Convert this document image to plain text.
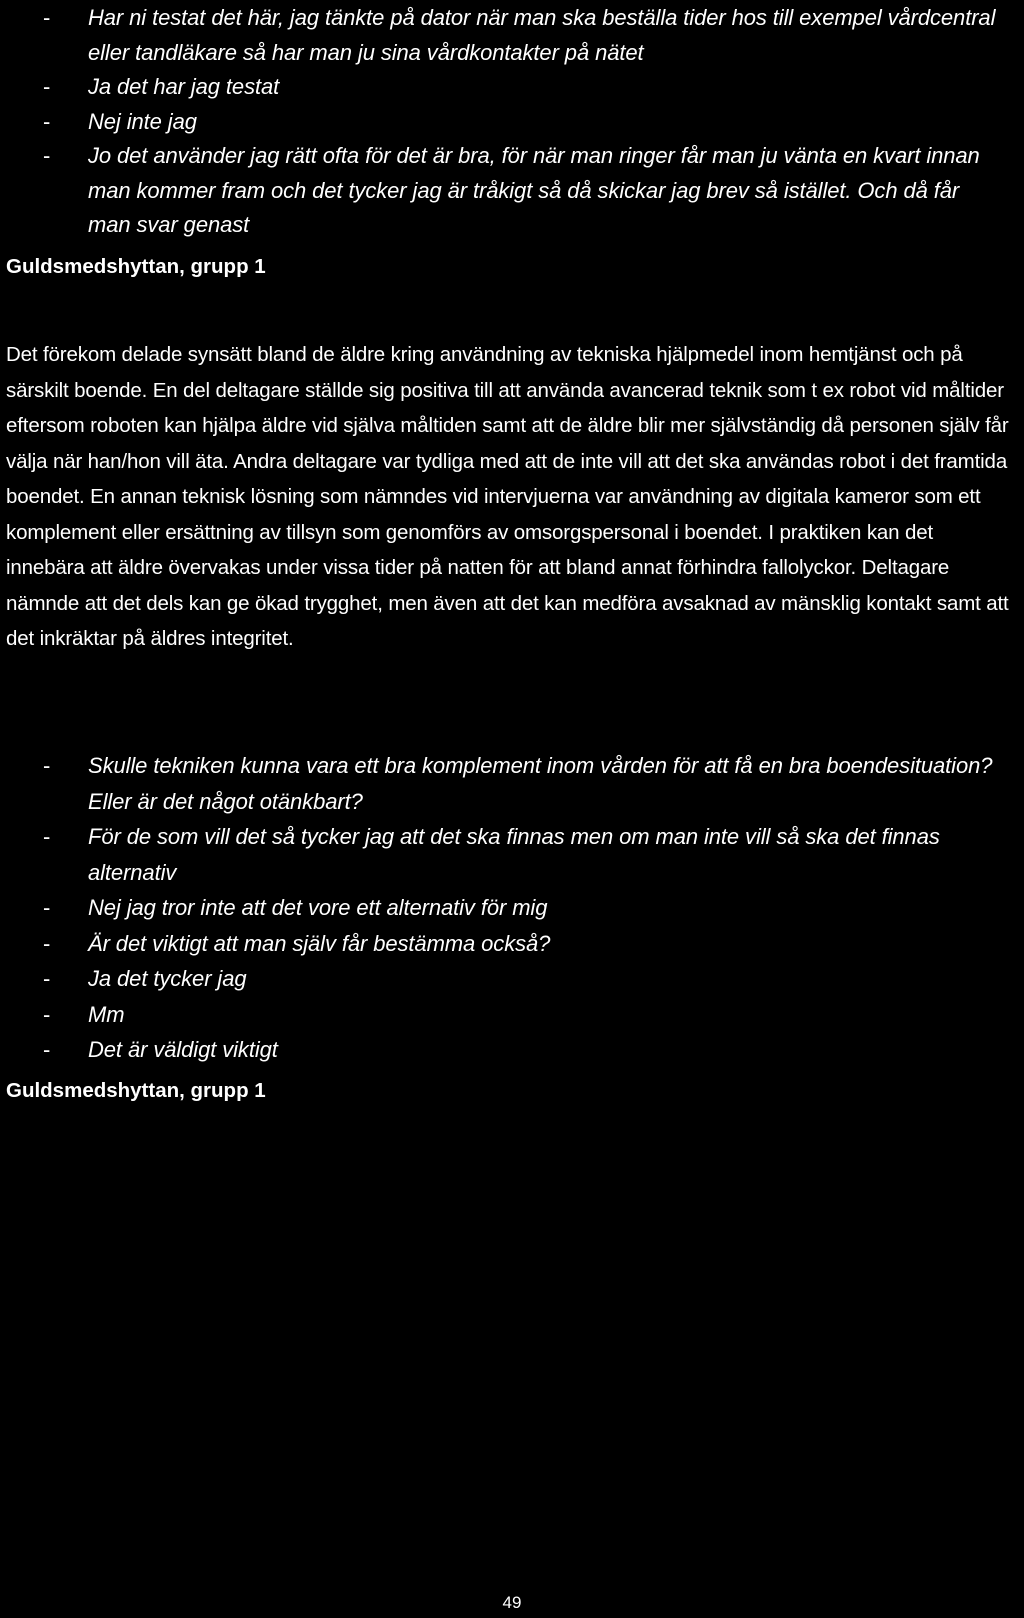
- Har ni testat det här, jag tänkte på dator när man ska beställa tider hos till exempel vårdcentral eller tandläkare så har man ju sina vårdkontakter på nätet
- Ja det har jag testat
- Nej inte jag
- Jo det använder jag rätt ofta för det är bra, för när man ringer får man ju vänta en kvart innan man kommer fram och det tycker jag är tråkigt så då skickar jag brev så istället. Och då får man svar genast
Guldsmedshyttan, grupp 1

Det förekom delade synsätt bland de äldre kring användning av tekniska hjälpmedel inom hemtjänst och på särskilt boende. En del deltagare ställde sig positiva till att använda avancerad teknik som t ex robot vid måltider eftersom roboten kan hjälpa äldre vid själva måltiden samt att de äldre blir mer självständig då personen själv får välja när han/hon vill äta. Andra deltagare var tydliga med att de inte vill att det ska användas robot i det framtida boendet. En annan teknisk lösning som nämndes vid intervjuerna var användning av digitala kameror som ett komplement eller ersättning av tillsyn som genomförs av omsorgspersonal i boendet. I praktiken kan det innebära att äldre övervakas under vissa tider på natten för att bland annat förhindra fallolyckor. Deltagare nämnde att det dels kan ge ökad trygghet, men även att det kan medföra avsaknad av mänsklig kontakt samt att det inkräktar på äldres integritet.

- Skulle tekniken kunna vara ett bra komplement inom vården för att få en bra boendesituation? Eller är det något otänkbart?
- För de som vill det så tycker jag att det ska finnas men om man inte vill så ska det finnas alternativ
- Nej jag tror inte att det vore ett alternativ för mig
- Är det viktigt att man själv får bestämma också?
- Ja det tycker jag
- Mm
- Det är väldigt viktigt
Guldsmedshyttan, grupp 1
49
